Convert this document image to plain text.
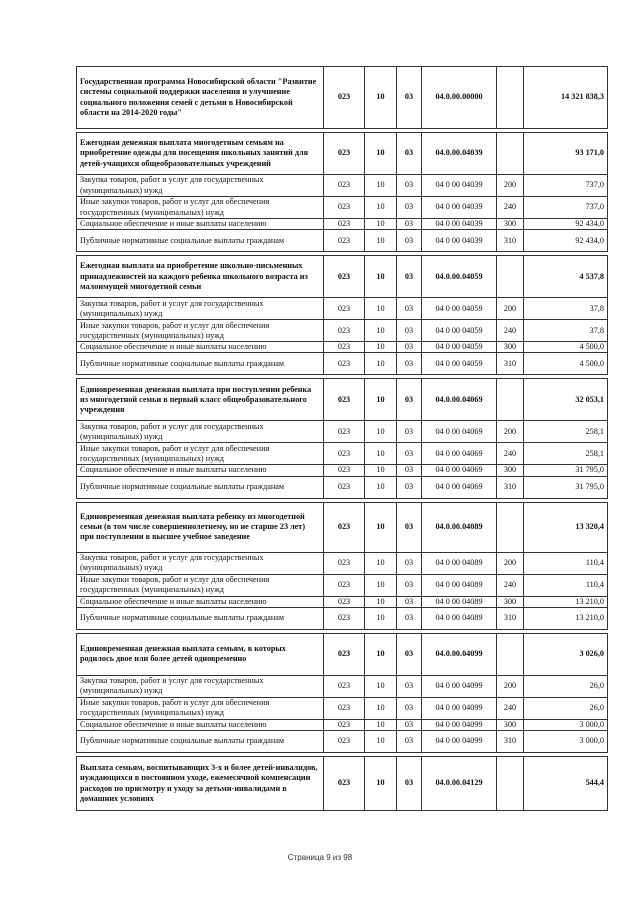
Государственная программа Новосибирской области "Развитие системы социальной поддержки населения и улучшение социального положения семей с детьми в Новосибирской области на 2014-2020 годы"	023	10	03	04.0.00.00000		14 321 838,3

Ежегодная денежная выплата многодетным семьям на приобретение одежды для посещения школьных занятий для детей-учащихся общеобразовательных учреждений	023	10	03	04.0.00.04039		93 171,0
Закупка товаров, работ и услуг для государственных (муниципальных) нужд	023	10	03	04 0 00 04039	200	737,0
Иные закупки товаров, работ и услуг для обеспечения государственных (муниципальных) нужд	023	10	03	04 0 00 04039	240	737,0
Социальное обеспечение и иные выплаты населению	023	10	03	04 0 00 04039	300	92 434,0
Публичные нормативные социальные выплаты гражданам	023	10	03	04 0 00 04039	310	92 434,0

Ежегодная выплата на приобретение школьно-письменных принадлежностей на каждого ребенка школьного возраста из малоимущей многодетной семьи	023	10	03	04.0.00.04059		4 537,8
Закупка товаров, работ и услуг для государственных (муниципальных) нужд	023	10	03	04 0 00 04059	200	37,8
Иные закупки товаров, работ и услуг для обеспечения государственных (муниципальных) нужд	023	10	03	04 0 00 04059	240	37,8
Социальное обеспечение и иные выплаты населению	023	10	03	04 0 00 04059	300	4 500,0
Публичные нормативные социальные выплаты гражданам	023	10	03	04 0 00 04059	310	4 500,0

Единовременная денежная выплата при поступлении ребенка из многодетной семьи в первый класс общеобразовательного учреждения	023	10	03	04.0.00.04069		32 053,1
Закупка товаров, работ и услуг для государственных (муниципальных) нужд	023	10	03	04 0 00 04069	200	258,1
Иные закупки товаров, работ и услуг для обеспечения государственных (муниципальных) нужд	023	10	03	04 0 00 04069	240	258,1
Социальное обеспечение и иные выплаты населению	023	10	03	04 0 00 04069	300	31 795,0
Публичные нормативные социальные выплаты гражданам	023	10	03	04 0 00 04069	310	31 795,0

Единовременная денежная выплата ребенку из многодетной семьи (в том числе совершеннолетнему, но не старше 23 лет) при поступлении в высшее учебное заведение	023	10	03	04.0.00.04089		13 320,4
Закупка товаров, работ и услуг для государственных (муниципальных) нужд	023	10	03	04 0 00 04089	200	110,4
Иные закупки товаров, работ и услуг для обеспечения государственных (муниципальных) нужд	023	10	03	04 0 00 04089	240	110,4
Социальное обеспечение и иные выплаты населению	023	10	03	04 0 00 04089	300	13 210,0
Публичные нормативные социальные выплаты гражданам	023	10	03	04 0 00 04089	310	13 210,0

Единовременная денежная выплата семьям, в которых родилось двое или более детей одновременно	023	10	03	04.0.00.04099		3 026,0
Закупка товаров, работ и услуг для государственных (муниципальных) нужд	023	10	03	04 0 00 04099	200	26,0
Иные закупки товаров, работ и услуг для обеспечения государственных (муниципальных) нужд	023	10	03	04 0 00 04099	240	26,0
Социальное обеспечение и иные выплаты населению	023	10	03	04 0 00 04099	300	3 000,0
Публичные нормативные социальные выплаты гражданам	023	10	03	04 0 00 04099	310	3 000,0

Выплата семьям, воспитывающих 3-х и более детей-инвалидов, нуждающихся в постоянном уходе, ежемесячной компенсации расходов по присмотру и уходу за детьми-инвалидами в домашних условиях	023	10	03	04.0.00.04129		544,4
Страница 9 из 98
